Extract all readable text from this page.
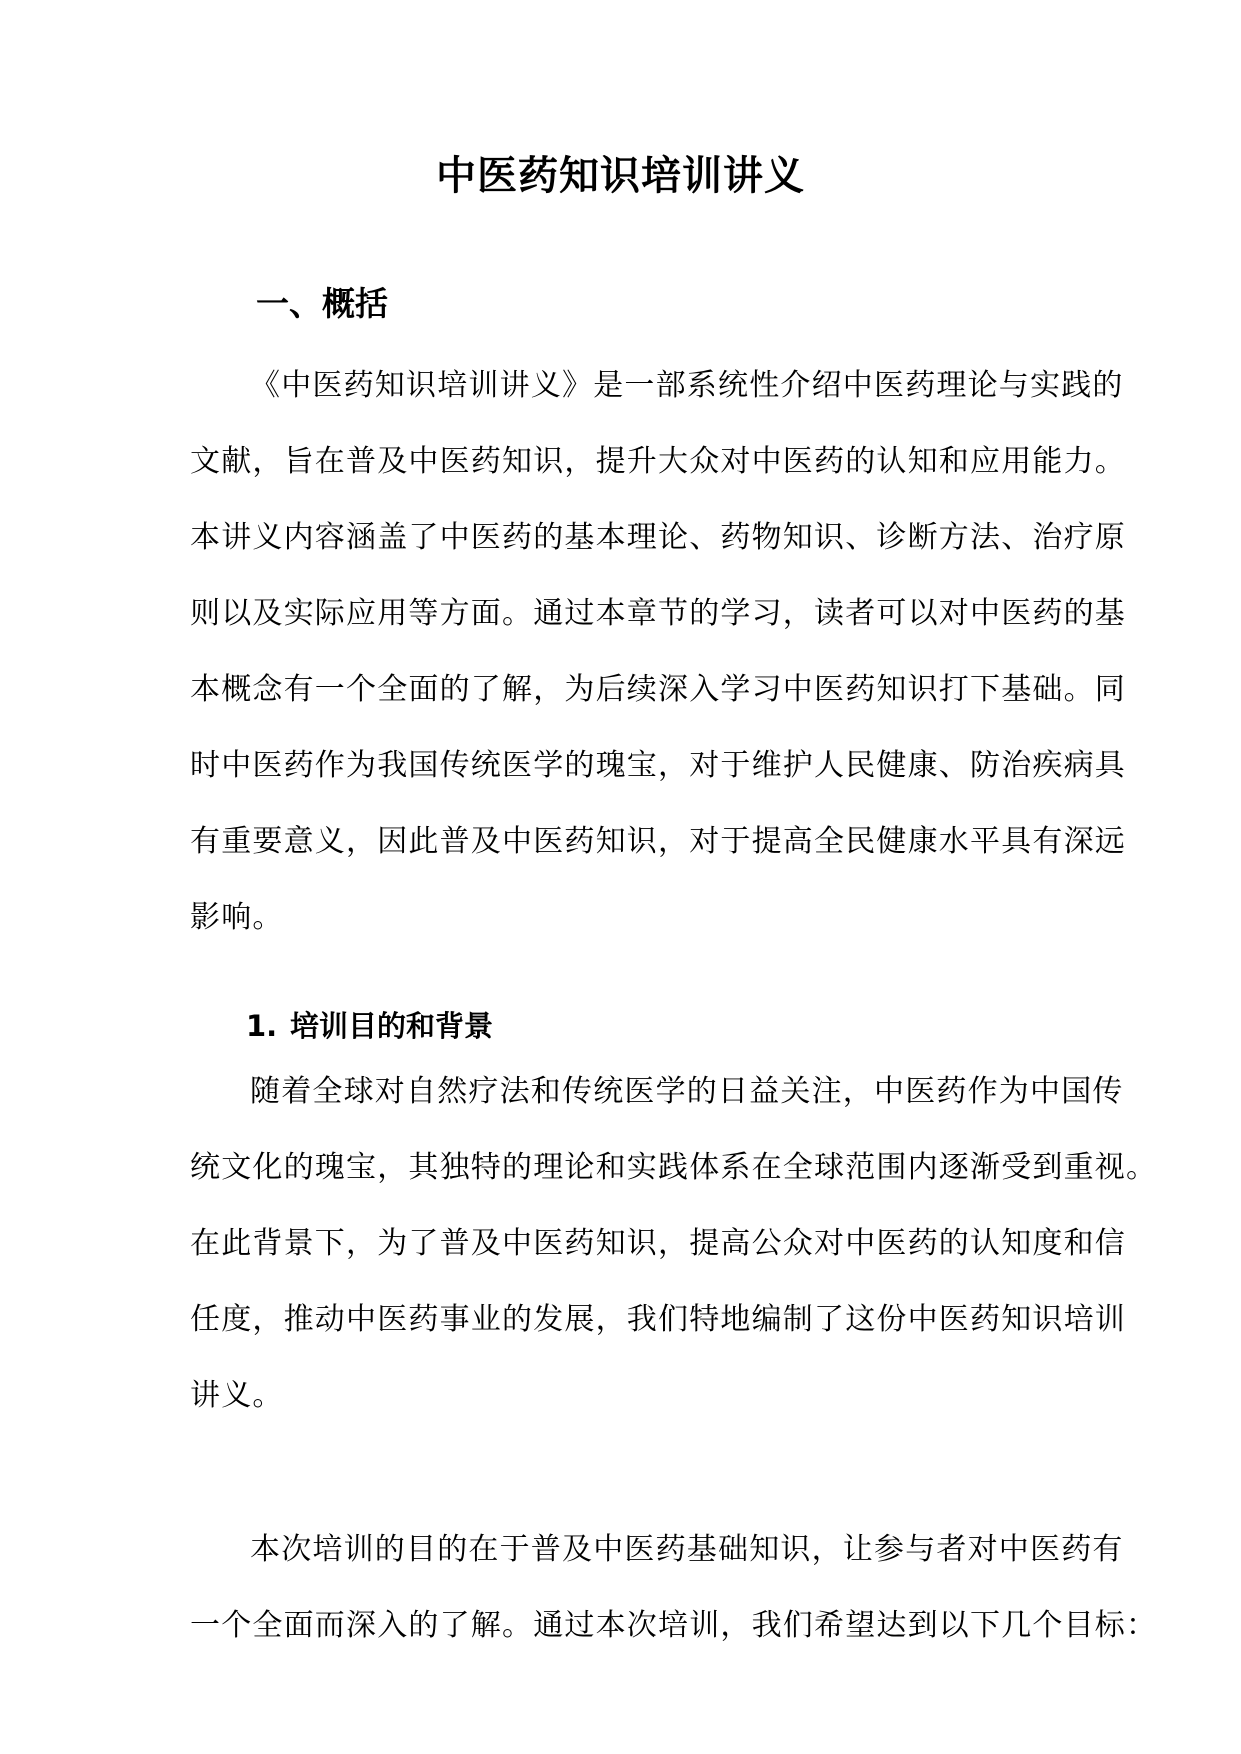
中医药知识培训讲义
一、概括
《中医药知识培训讲义》是一部系统性介绍中医药理论与实践的
文献，旨在普及中医药知识，提升大众对中医药的认知和应用能力。
本讲义内容涵盖了中医药的基本理论、药物知识、诊断方法、治疗原
则以及实际应用等方面。通过本章节的学习，读者可以对中医药的基
本概念有一个全面的了解，为后续深入学习中医药知识打下基础。同
时中医药作为我国传统医学的瑰宝，对于维护人民健康、防治疾病具
有重要意义，因此普及中医药知识，对于提高全民健康水平具有深远
影响。
1. 培训目的和背景
随着全球对自然疗法和传统医学的日益关注，中医药作为中国传
统文化的瑰宝，其独特的理论和实践体系在全球范围内逐渐受到重视。
在此背景下，为了普及中医药知识，提高公众对中医药的认知度和信
任度，推动中医药事业的发展，我们特地编制了这份中医药知识培训
讲义。
本次培训的目的在于普及中医药基础知识，让参与者对中医药有
一个全面而深入的了解。通过本次培训，我们希望达到以下几个目标：
